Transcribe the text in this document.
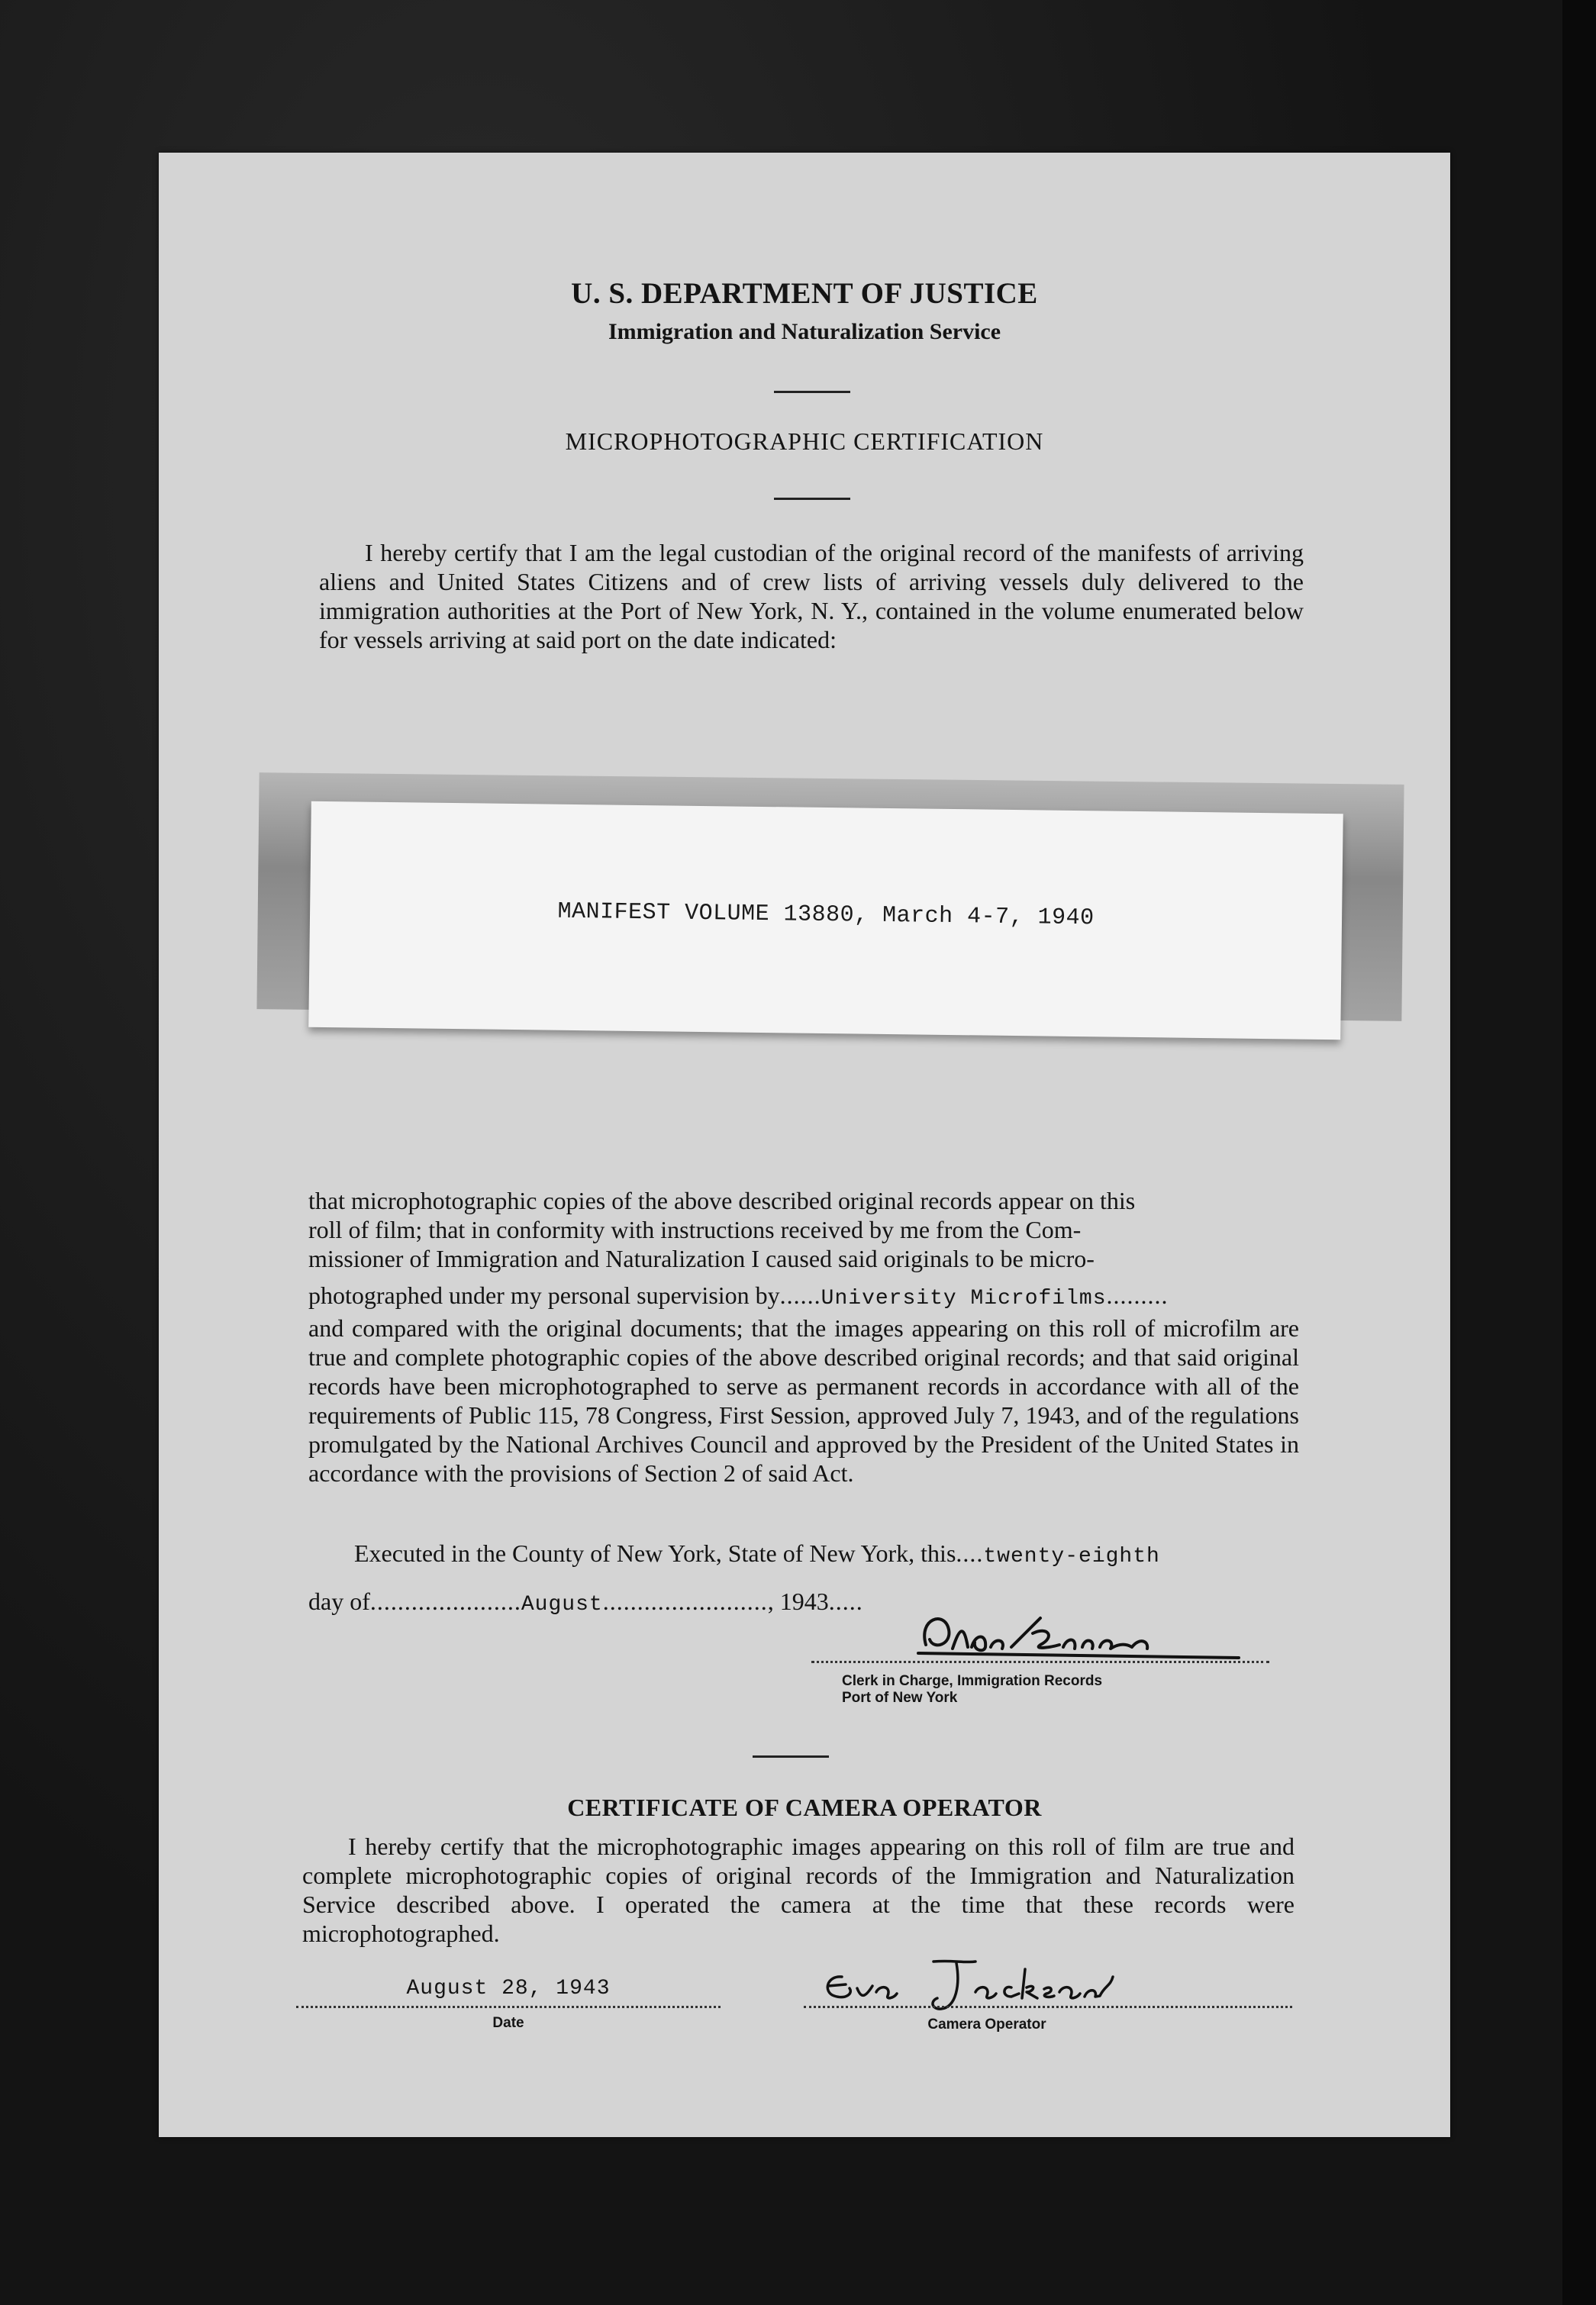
U. S. DEPARTMENT OF JUSTICE
Immigration and Naturalization Service
MICROPHOTOGRAPHIC CERTIFICATION
I hereby certify that I am the legal custodian of the original record of the manifests of arriving aliens and United States Citizens and of crew lists of arriving vessels duly delivered to the immigration authorities at the Port of New York, N. Y., contained in the volume enumerated below for vessels arriving at said port on the date indicated:
MANIFEST VOLUME 13880, March 4-7, 1940
that microphotographic copies of the above described original records appear on this
roll of film; that in conformity with instructions received by me from the Com-
missioner of Immigration and Naturalization I caused said originals to be micro-
photographed under my personal supervision by......University Microfilms.........
and compared with the original documents; that the images appearing on this roll of microfilm are true and complete photographic copies of the above described original records; and that said original records have been microphotographed to serve as permanent records in accordance with all of the requirements of Public 115, 78 Congress, First Session, approved July 7, 1943, and of the regulations promulgated by the National Archives Council and approved by the President of the United States in accordance with the provisions of Section 2 of said Act.
Executed in the County of New York, State of New York, this....twenty-eighth
day of......................August........................, 1943.....
Clerk in Charge, Immigration Records
Port of New York
CERTIFICATE OF CAMERA OPERATOR
I hereby certify that the microphotographic images appearing on this roll of film are true and complete microphotographic copies of original records of the Immigration and Naturalization Service described above. I operated the camera at the time that these records were microphotographed.
August 28, 1943
Date	Camera Operator
